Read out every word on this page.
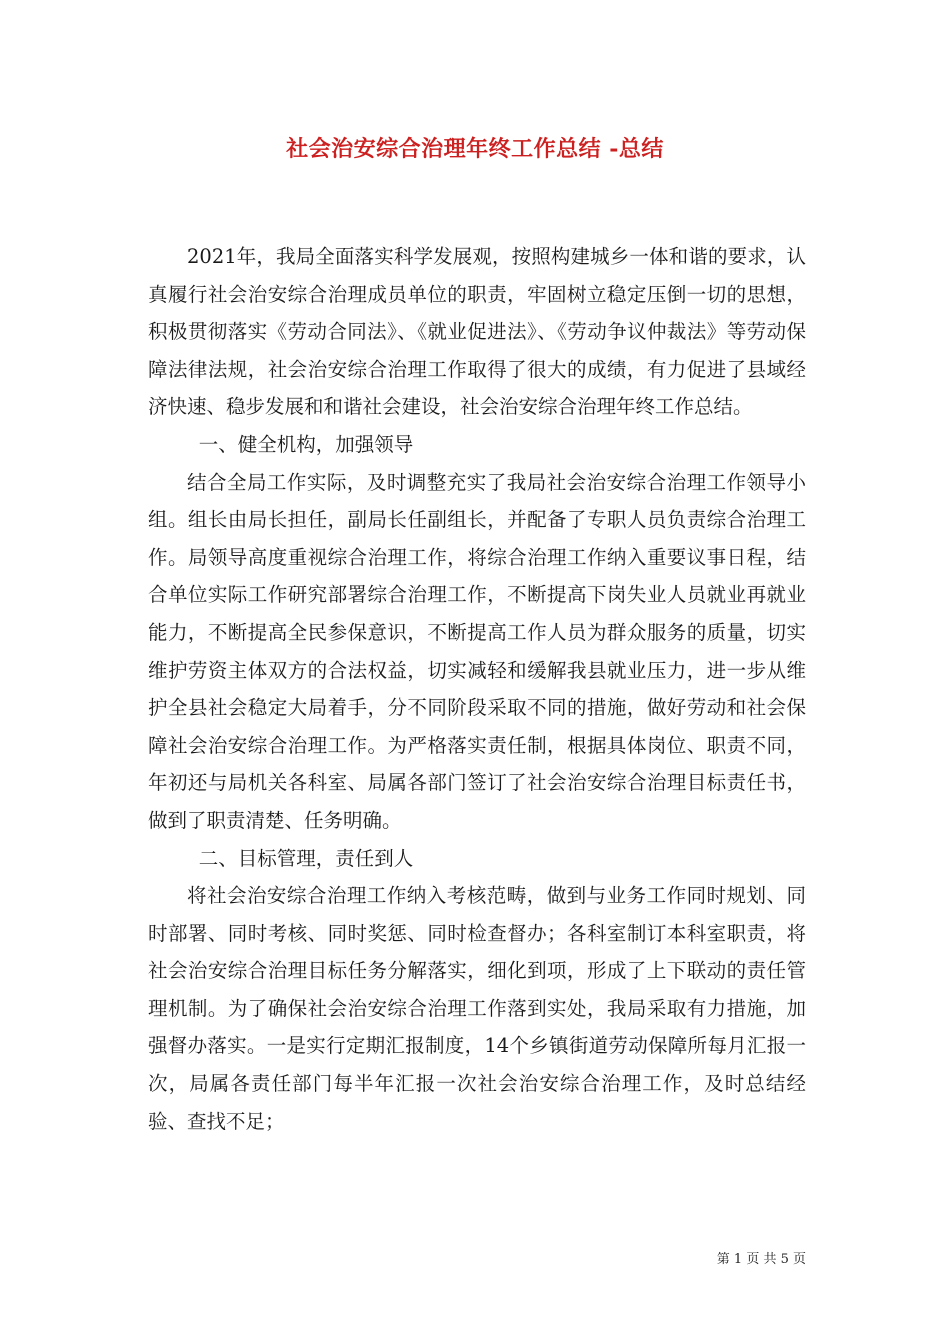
社会治安综合治理年终工作总结 -总结

2021年，我局全面落实科学发展观，按照构建城乡一体和谐的要求，认真履行社会治安综合治理成员单位的职责，牢固树立稳定压倒一切的思想，积极贯彻落实《劳动合同法》、《就业促进法》、《劳动争议仲裁法》等劳动保障法律法规，社会治安综合治理工作取得了很大的成绩，有力促进了县域经济快速、稳步发展和和谐社会建设，社会治安综合治理年终工作总结。

一、健全机构，加强领导

结合全局工作实际，及时调整充实了我局社会治安综合治理工作领导小组。组长由局长担任，副局长任副组长，并配备了专职人员负责综合治理工作。局领导高度重视综合治理工作，将综合治理工作纳入重要议事日程，结合单位实际工作研究部署综合治理工作，不断提高下岗失业人员就业再就业能力，不断提高全民参保意识，不断提高工作人员为群众服务的质量，切实维护劳资主体双方的合法权益，切实减轻和缓解我县就业压力，进一步从维护全县社会稳定大局着手，分不同阶段采取不同的措施，做好劳动和社会保障社会治安综合治理工作。为严格落实责任制，根据具体岗位、职责不同，年初还与局机关各科室、局属各部门签订了社会治安综合治理目标责任书，做到了职责清楚、任务明确。

二、目标管理，责任到人

将社会治安综合治理工作纳入考核范畴，做到与业务工作同时规划、同时部署、同时考核、同时奖惩、同时检查督办；各科室制订本科室职责，将社会治安综合治理目标任务分解落实，细化到项，形成了上下联动的责任管理机制。为了确保社会治安综合治理工作落到实处，我局采取有力措施，加强督办落实。一是实行定期汇报制度，14个乡镇街道劳动保障所每月汇报一次，局属各责任部门每半年汇报一次社会治安综合治理工作，及时总结经验、查找不足；

第 1 页 共 5 页
